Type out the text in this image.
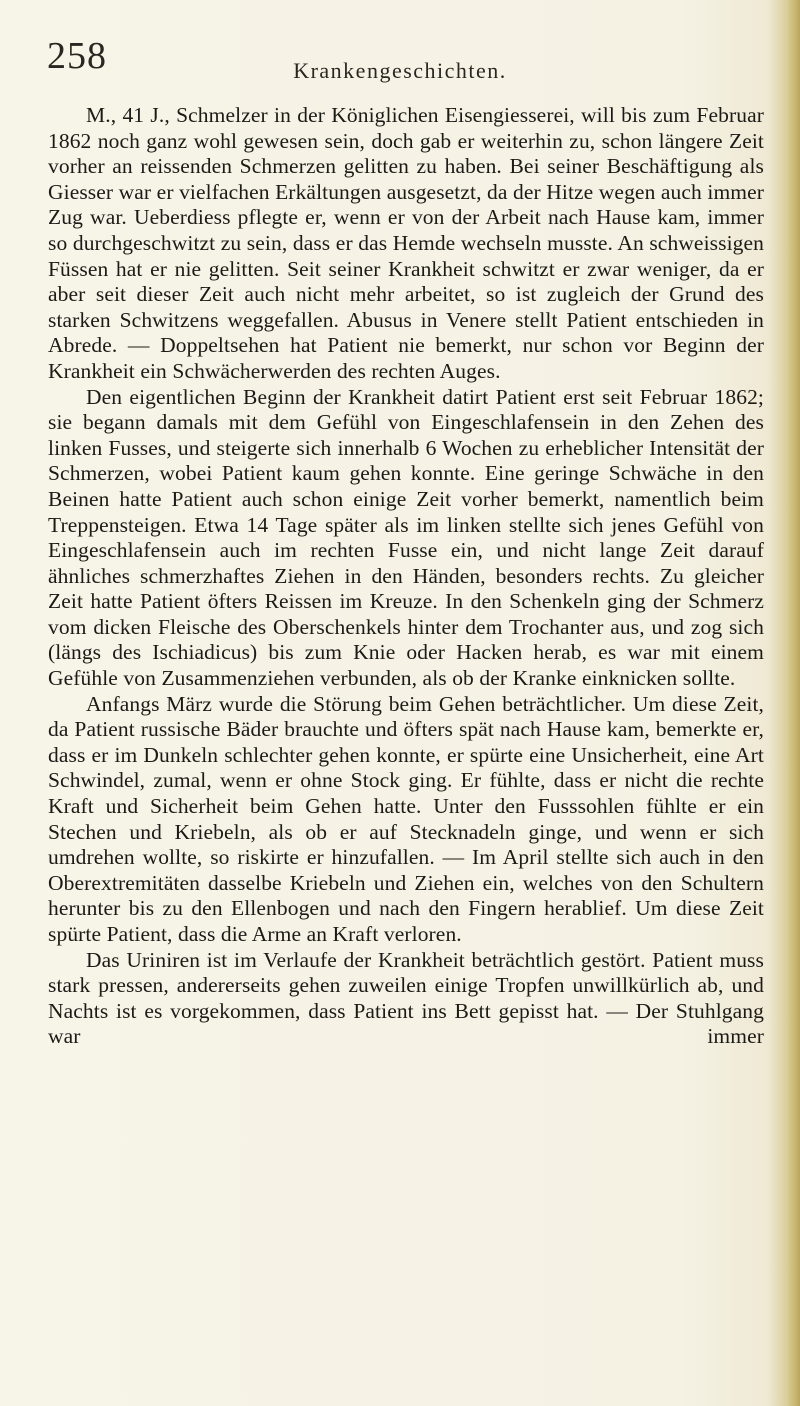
258	Krankengeschichten.

M., 41 J., Schmelzer in der Königlichen Eisengiesserei, will bis zum Februar 1862 noch ganz wohl gewesen sein, doch gab er weiterhin zu, schon längere Zeit vorher an reissenden Schmerzen gelitten zu haben. Bei seiner Beschäftigung als Giesser war er vielfachen Erkältungen ausgesetzt, da der Hitze wegen auch immer Zug war. Ueberdiess pflegte er, wenn er von der Arbeit nach Hause kam, immer so durchgeschwitzt zu sein, dass er das Hemde wechseln musste. An schweissigen Füssen hat er nie gelitten. Seit seiner Krankheit schwitzt er zwar weniger, da er aber seit dieser Zeit auch nicht mehr arbeitet, so ist zugleich der Grund des starken Schwitzens weggefallen. Abusus in Venere stellt Patient entschieden in Abrede. — Doppeltsehen hat Patient nie bemerkt, nur schon vor Beginn der Krankheit ein Schwächerwerden des rechten Auges.

Den eigentlichen Beginn der Krankheit datirt Patient erst seit Februar 1862; sie begann damals mit dem Gefühl von Eingeschlafensein in den Zehen des linken Fusses, und steigerte sich innerhalb 6 Wochen zu erheblicher Intensität der Schmerzen, wobei Patient kaum gehen konnte. Eine geringe Schwäche in den Beinen hatte Patient auch schon einige Zeit vorher bemerkt, namentlich beim Treppensteigen. Etwa 14 Tage später als im linken stellte sich jenes Gefühl von Eingeschlafensein auch im rechten Fusse ein, und nicht lange Zeit darauf ähnliches schmerzhaftes Ziehen in den Händen, besonders rechts. Zu gleicher Zeit hatte Patient öfters Reissen im Kreuze. In den Schenkeln ging der Schmerz vom dicken Fleische des Oberschenkels hinter dem Trochanter aus, und zog sich (längs des Ischiadicus) bis zum Knie oder Hacken herab, es war mit einem Gefühle von Zusammenziehen verbunden, als ob der Kranke einknicken sollte.

Anfangs März wurde die Störung beim Gehen beträchtlicher. Um diese Zeit, da Patient russische Bäder brauchte und öfters spät nach Hause kam, bemerkte er, dass er im Dunkeln schlechter gehen konnte, er spürte eine Unsicherheit, eine Art Schwindel, zumal, wenn er ohne Stock ging. Er fühlte, dass er nicht die rechte Kraft und Sicherheit beim Gehen hatte. Unter den Fusssohlen fühlte er ein Stechen und Kriebeln, als ob er auf Stecknadeln ginge, und wenn er sich umdrehen wollte, so riskirte er hinzufallen. — Im April stellte sich auch in den Oberextremitäten dasselbe Kriebeln und Ziehen ein, welches von den Schultern herunter bis zu den Ellenbogen und nach den Fingern herablief. Um diese Zeit spürte Patient, dass die Arme an Kraft verloren.

Das Uriniren ist im Verlaufe der Krankheit beträchtlich gestört. Patient muss stark pressen, andererseits gehen zuweilen einige Tropfen unwillkürlich ab, und Nachts ist es vorgekommen, dass Patient ins Bett gepisst hat. — Der Stuhlgang war immer
